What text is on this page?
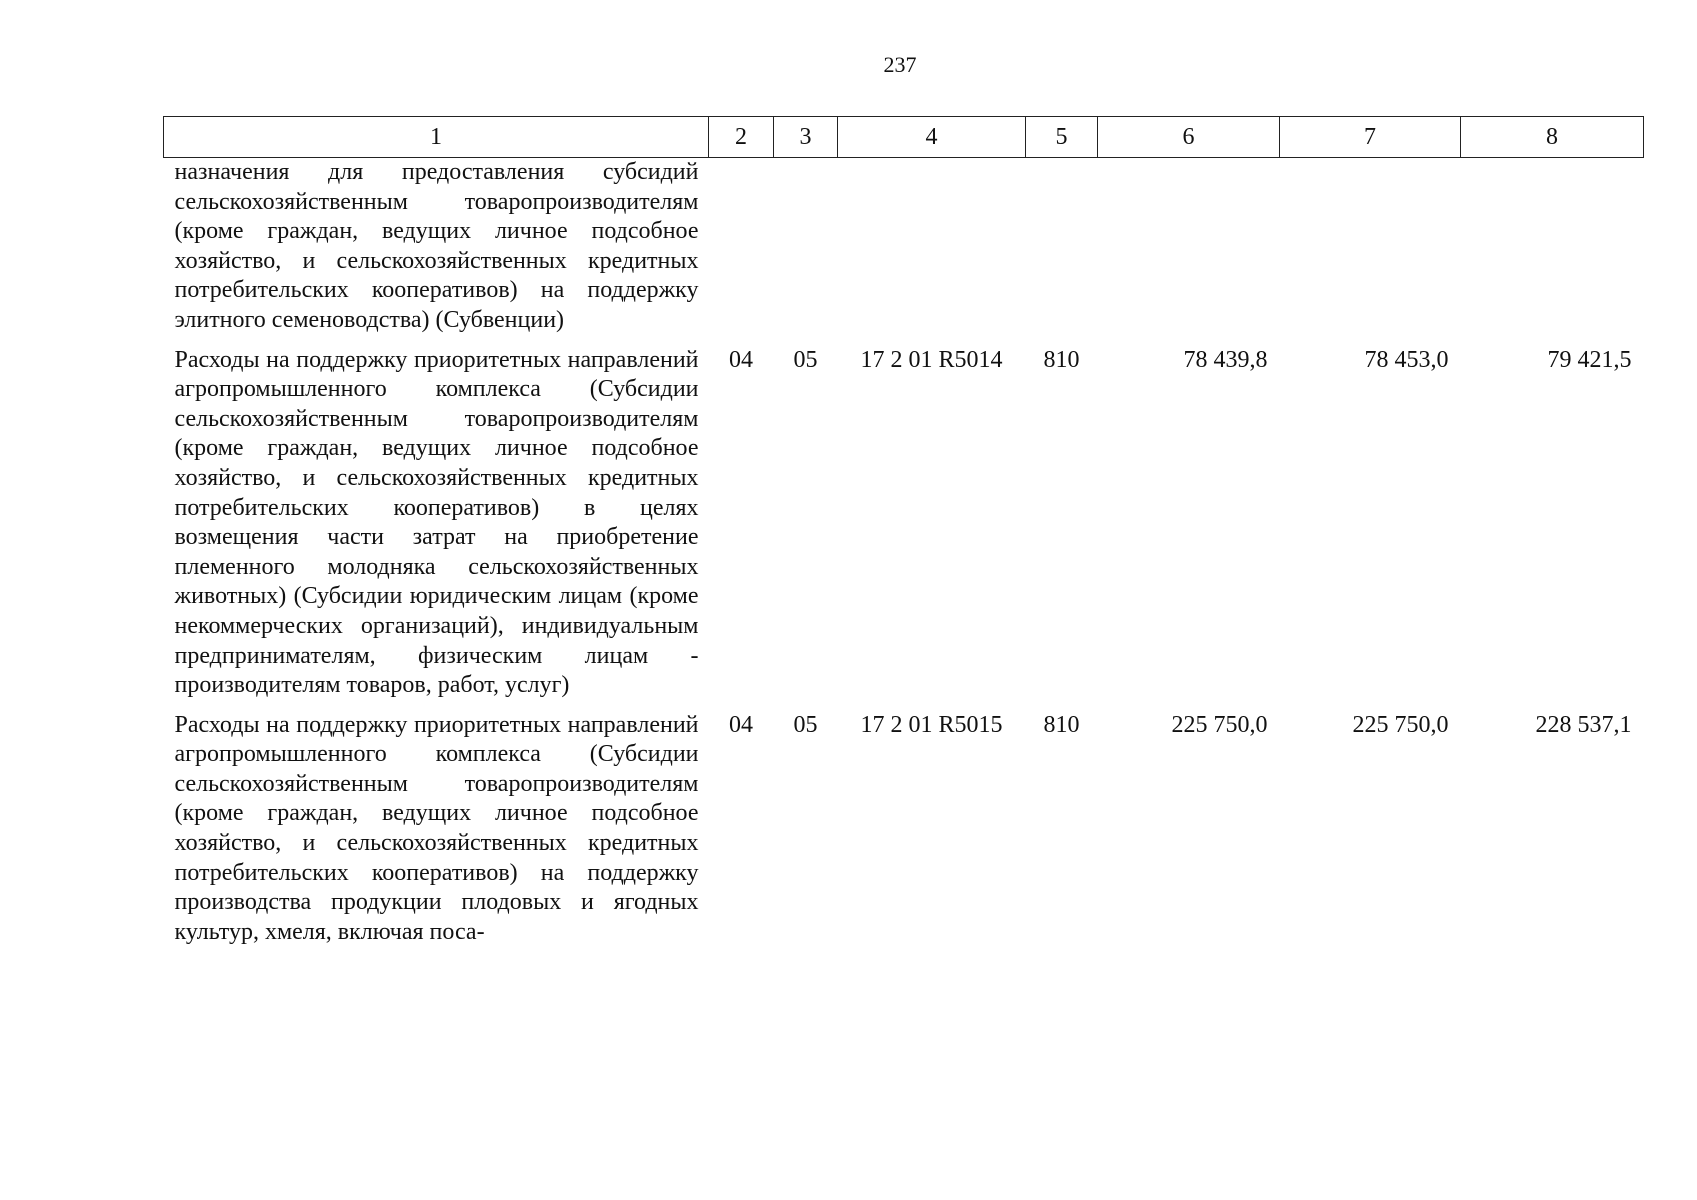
237
1	2	3	4	5	6	7	8
назначения для предоставления субсидий сельскохозяйственным товаропроизводителям (кроме граждан, ведущих личное подсобное хозяйство, и сельскохозяйственных кредитных потребительских кооперативов) на поддержку элитного семеноводства) (Субвенции)							
Расходы на поддержку приоритетных направлений агропромышленного комплекса (Субсидии сельскохозяйственным товаропроизводителям (кроме граждан, ведущих личное подсобное хозяйство, и сельскохозяйственных кредитных потребительских кооперативов) в целях возмещения части затрат на приобретение племенного молодняка сельскохозяйственных животных) (Субсидии юридическим лицам (кроме некоммерческих организаций), индивидуальным предпринимателям, физическим лицам - производителям товаров, работ, услуг)	04	05	17 2 01 R5014	810	78 439,8	78 453,0	79 421,5
Расходы на поддержку приоритетных направлений агропромышленного комплекса (Субсидии сельскохозяйственным товаропроизводителям (кроме граждан, ведущих личное подсобное хозяйство, и сельскохозяйственных кредитных потребительских кооперативов) на поддержку производства продукции плодовых и ягодных культур, хмеля, включая поса-	04	05	17 2 01 R5015	810	225 750,0	225 750,0	228 537,1
